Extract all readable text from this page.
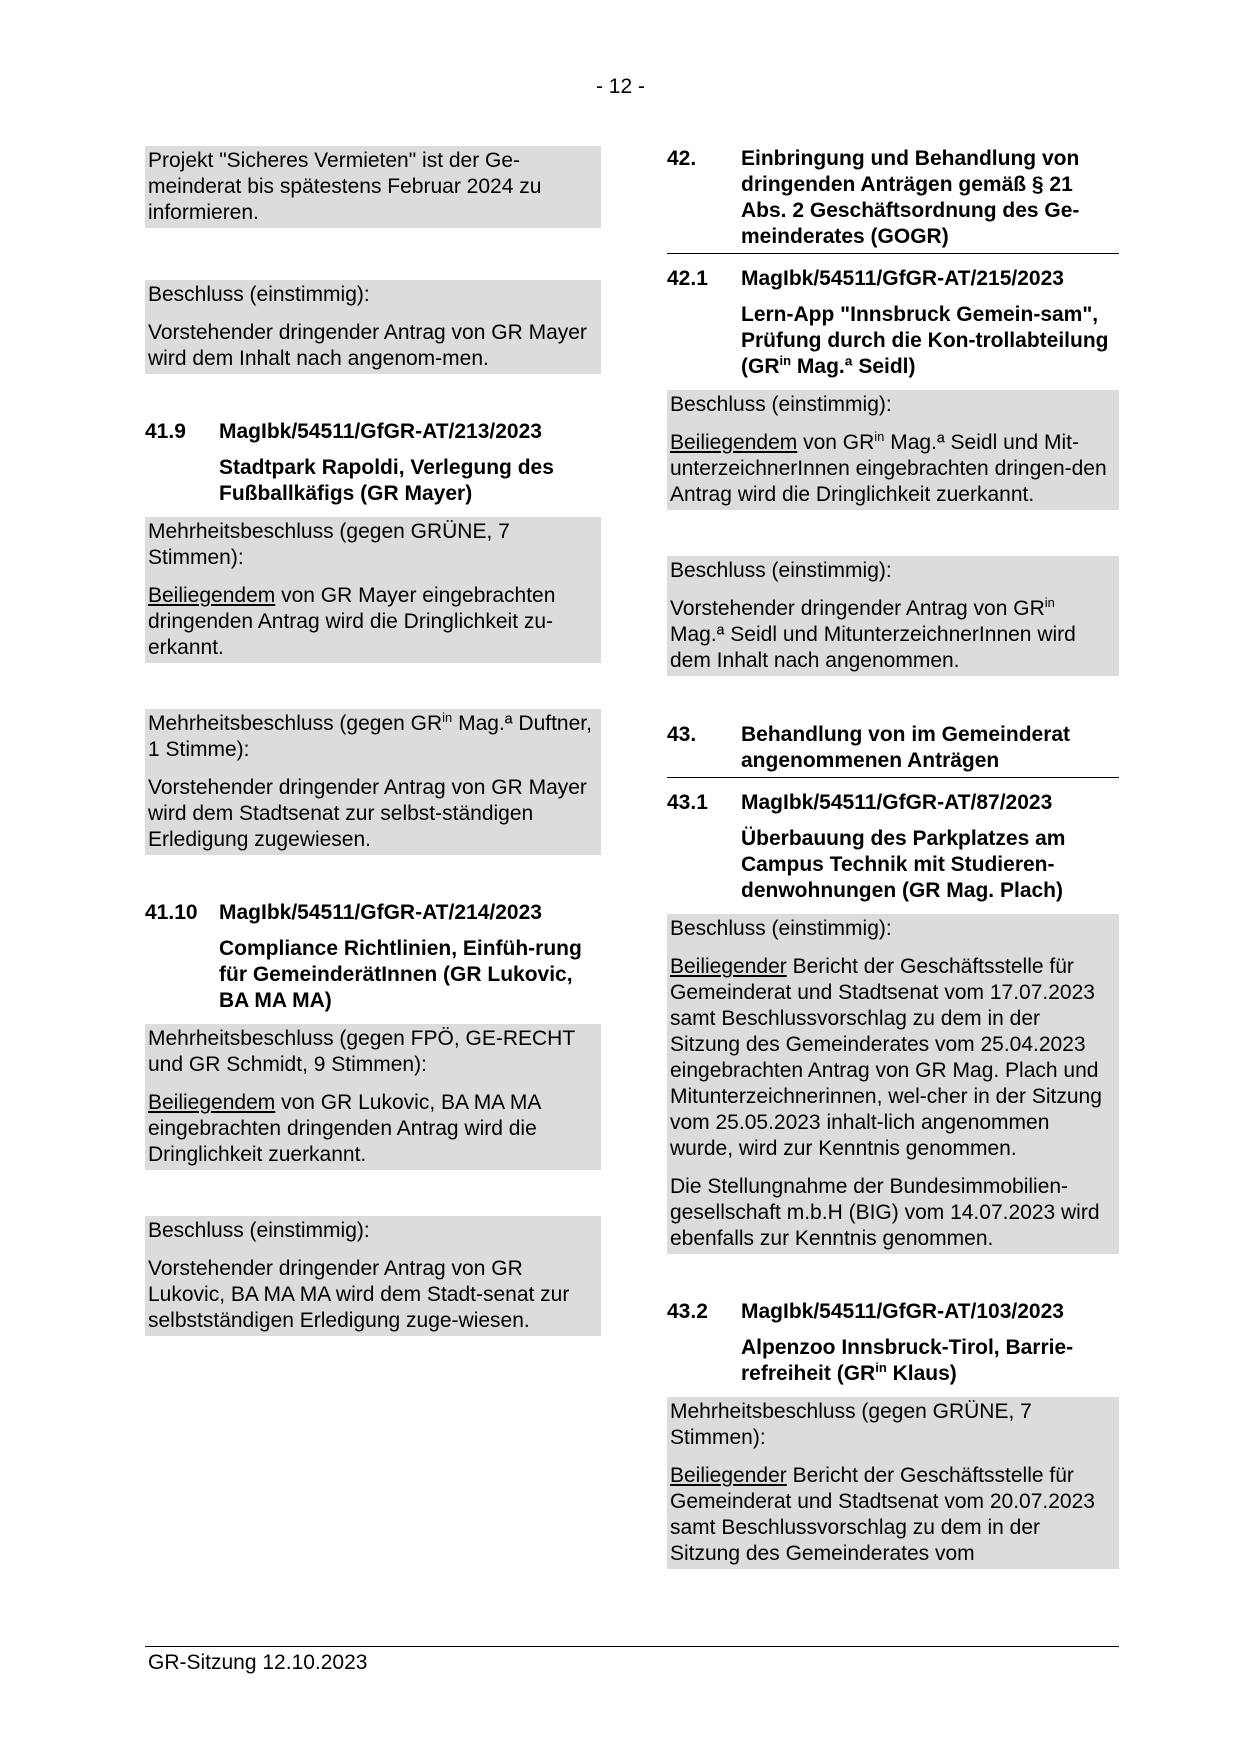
- 12 -

Projekt "Sicheres Vermieten" ist der Ge-meinderat bis spätestens Februar 2024 zu informieren.

Beschluss (einstimmig):

Vorstehender dringender Antrag von GR Mayer wird dem Inhalt nach angenom-men.

41.9	MagIbk/54511/GfGR-AT/213/2023
Stadtpark Rapoldi, Verlegung des Fußballkäfigs (GR Mayer)

Mehrheitsbeschluss (gegen GRÜNE, 7 Stimmen):

Beiliegendem von GR Mayer eingebrachten dringenden Antrag wird die Dringlichkeit zu-erkannt.

Mehrheitsbeschluss (gegen $GR^{in}$ Mag.ª Duftner, 1 Stimme):

Vorstehender dringender Antrag von GR Mayer wird dem Stadtsenat zur selbst-ständigen Erledigung zugewiesen.

41.10	MagIbk/54511/GfGR-AT/214/2023
Compliance Richtlinien, Einfüh-rung für GemeinderätInnen (GR Lukovic, BA MA MA)

Mehrheitsbeschluss (gegen FPÖ, GE-RECHT und GR Schmidt, 9 Stimmen):

Beiliegendem von GR Lukovic, BA MA MA eingebrachten dringenden Antrag wird die Dringlichkeit zuerkannt.

Beschluss (einstimmig):

Vorstehender dringender Antrag von GR Lukovic, BA MA MA wird dem Stadt-senat zur selbstständigen Erledigung zuge-wiesen.

42.	Einbringung und Behandlung von dringenden Anträgen gemäß § 21 Abs. 2 Geschäftsordnung des Ge-meinderates (GOGR)
42.1	MagIbk/54511/GfGR-AT/215/2023
Lern-App "Innsbruck Gemein-sam", Prüfung durch die Kon-trollabteilung ($GR^{in}$ Mag.ª Seidl)

Beschluss (einstimmig):

Beiliegendem von $GR^{in}$ Mag.ª Seidl und Mit-unterzeichnerInnen eingebrachten dringen-den Antrag wird die Dringlichkeit zuerkannt.

Beschluss (einstimmig):

Vorstehender dringender Antrag von $GR^{in}$ Mag.ª Seidl und MitunterzeichnerInnen wird dem Inhalt nach angenommen.

43.	Behandlung von im Gemeinderat angenommenen Anträgen
43.1	MagIbk/54511/GfGR-AT/87/2023
Überbauung des Parkplatzes am Campus Technik mit Studieren-denwohnungen (GR Mag. Plach)

Beschluss (einstimmig):

Beiliegender Bericht der Geschäftsstelle für Gemeinderat und Stadtsenat vom 17.07.2023 samt Beschlussvorschlag zu dem in der Sitzung des Gemeinderates vom 25.04.2023 eingebrachten Antrag von GR Mag. Plach und Mitunterzeichnerinnen, wel-cher in der Sitzung vom 25.05.2023 inhalt-lich angenommen wurde, wird zur Kenntnis genommen.

Die Stellungnahme der Bundesimmobilien-gesellschaft m.b.H (BIG) vom 14.07.2023 wird ebenfalls zur Kenntnis genommen.

43.2	MagIbk/54511/GfGR-AT/103/2023
Alpenzoo Innsbruck-Tirol, Barrie-refreiheit ($GR^{in}$ Klaus)

Mehrheitsbeschluss (gegen GRÜNE, 7 Stimmen):

Beiliegender Bericht der Geschäftsstelle für Gemeinderat und Stadtsenat vom 20.07.2023 samt Beschlussvorschlag zu dem in der Sitzung des Gemeinderates vom

GR-Sitzung 12.10.2023
